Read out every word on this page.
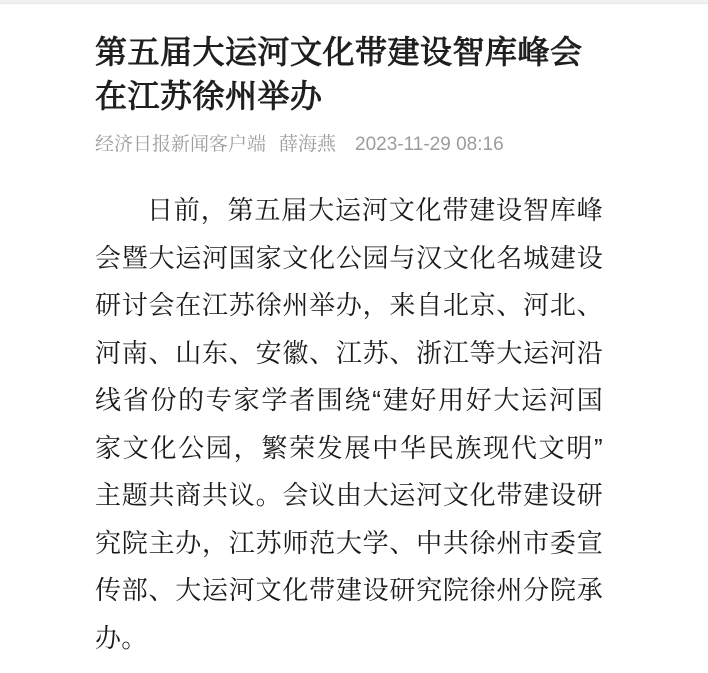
第五届大运河文化带建设智库峰会在江苏徐州举办
经济日报新闻客户端 薛海燕 2023-11-29 08:16

日前，第五届大运河文化带建设智库峰会暨大运河国家文化公园与汉文化名城建设研讨会在江苏徐州举办，来自北京、河北、河南、山东、安徽、江苏、浙江等大运河沿线省份的专家学者围绕“建好用好大运河国家文化公园，繁荣发展中华民族现代文明”主题共商共议。会议由大运河文化带建设研究院主办，江苏师范大学、中共徐州市委宣传部、大运河文化带建设研究院徐州分院承办。
